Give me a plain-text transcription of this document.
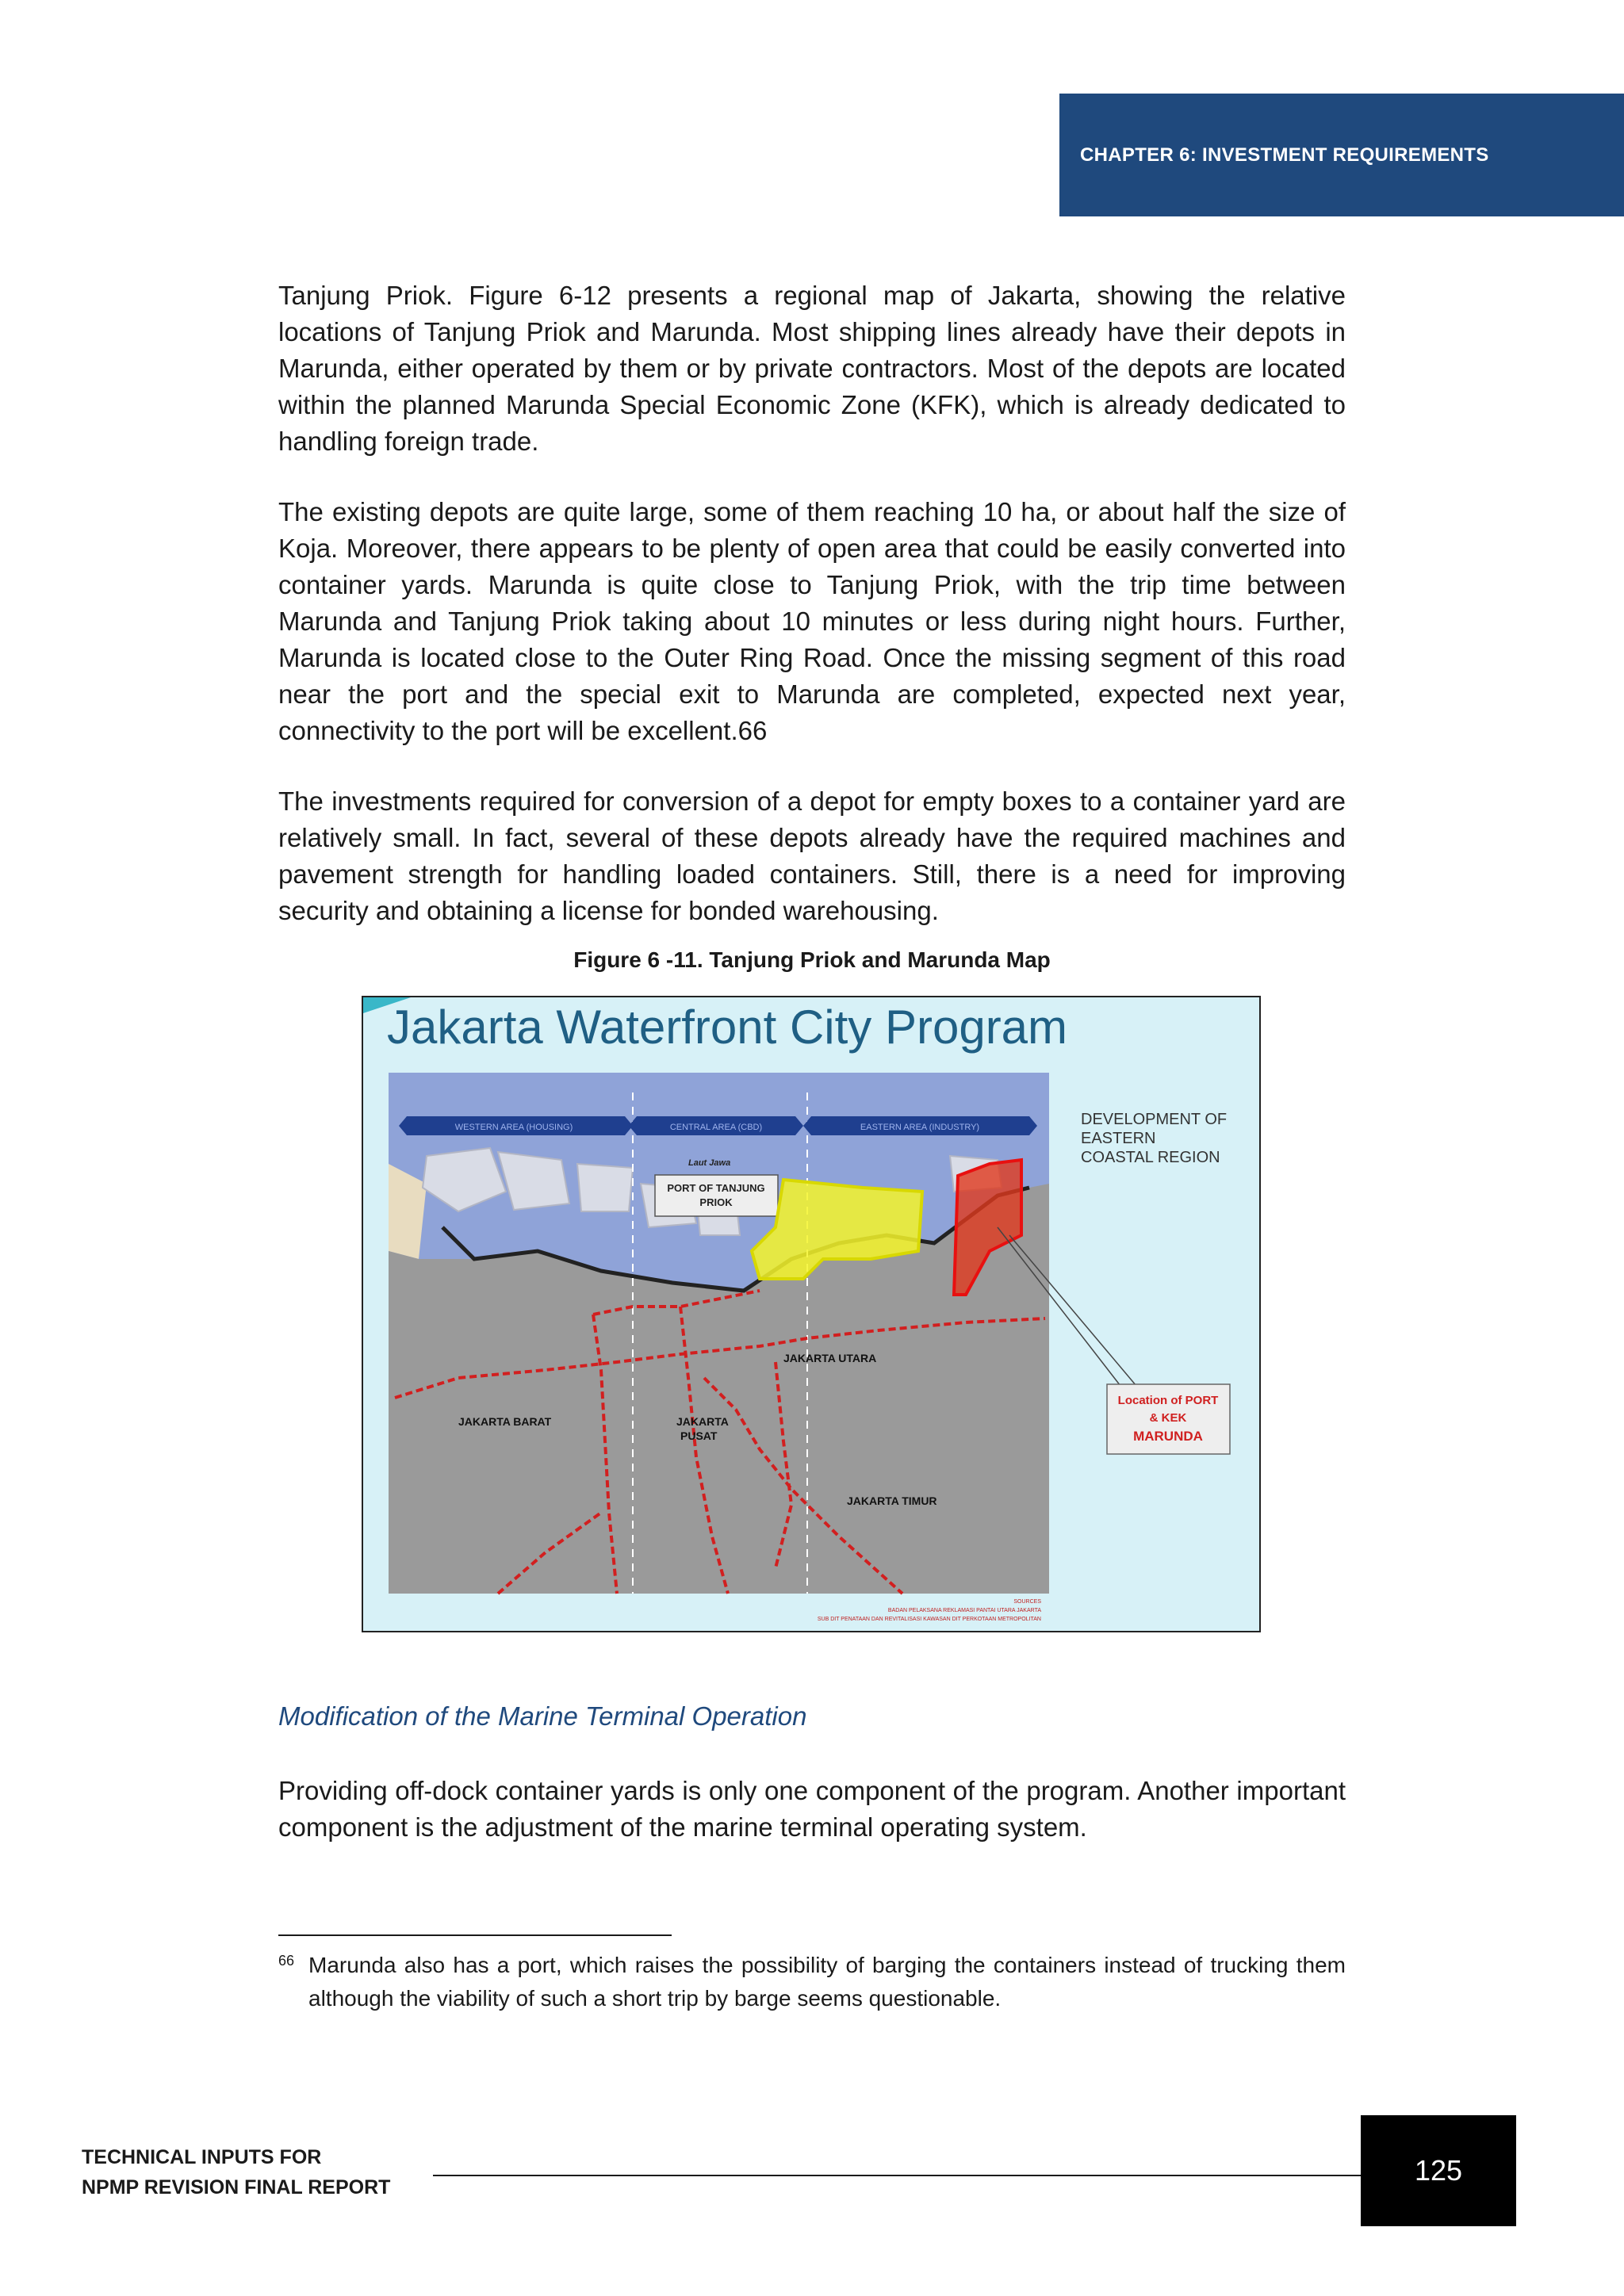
CHAPTER 6: INVESTMENT REQUIREMENTS

Tanjung Priok. Figure 6-12 presents a regional map of Jakarta, showing the relative locations of Tanjung Priok and Marunda. Most shipping lines already have their depots in Marunda, either operated by them or by private contractors. Most of the depots are located within the planned Marunda Special Economic Zone (KFK), which is already dedicated to handling foreign trade.

The existing depots are quite large, some of them reaching 10 ha, or about half the size of Koja. Moreover, there appears to be plenty of open area that could be easily converted into container yards. Marunda is quite close to Tanjung Priok, with the trip time between Marunda and Tanjung Priok taking about 10 minutes or less during night hours. Further, Marunda is located close to the Outer Ring Road. Once the missing segment of this road near the port and the special exit to Marunda are completed, expected next year, connectivity to the port will be excellent.66

The investments required for conversion of a depot for empty boxes to a container yard are relatively small. In fact, several of these depots already have the required machines and pavement strength for handling loaded containers. Still, there is a need for improving security and obtaining a license for bonded warehousing.

Figure 6 -11. Tanjung Priok and Marunda Map
Jakarta Waterfront City Program
WESTERN AREA (HOUSING)	CENTRAL AREA (CBD)	EASTERN AREA (INDUSTRY)
Laut Jawa
PORT OF TANJUNG
PRIOK
JAKARTA UTARA
JAKARTA BARAT	JAKARTA
PUSAT
JAKARTA TIMUR
SOURCES
BADAN PELAKSANA REKLAMASI PANTAI UTARA JAKARTA
SUB DIT PENATAAN DAN REVITALISASI KAWASAN DIT PERKOTAAN METROPOLITAN
DEVELOPMENT OF
EASTERN
COASTAL REGION
Location of PORT
& KEK
MARUNDA
Modification of the Marine Terminal Operation

Providing off-dock container yards is only one component of the program. Another important component is the adjustment of the marine terminal operating system.

66 Marunda also has a port, which raises the possibility of barging the containers instead of trucking them although the viability of such a short trip by barge seems questionable.
TECHNICAL INPUTS FOR
NPMP REVISION FINAL REPORT
125
